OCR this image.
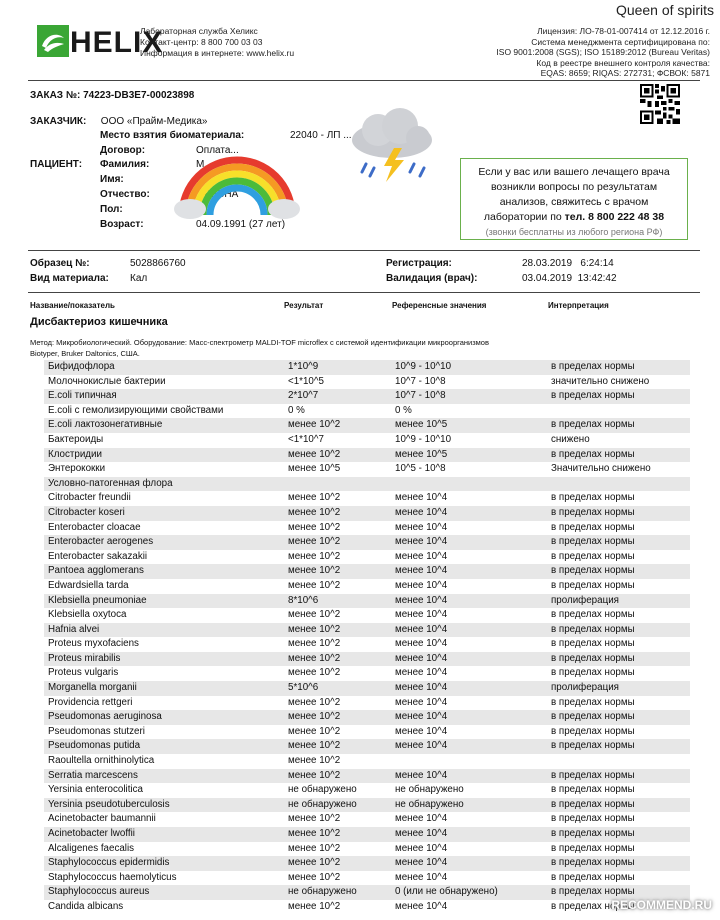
Queen of spirits
HELIX
Лабораторная служба Хеликс
Контакт-центр: 8 800 700 03 03
Информация в интернете: www.helix.ru
Лицензия: ЛО-78-01-007414 от 12.12.2016 г.
Система менеджмента сертифицирована по:
ISO 9001:2008 (SGS); ISO 15189:2012 (Bureau Veritas)
Код в реестре внешнего контроля качества:
EQAS: 8659; RIQAS: 272731; ФСВОК: 5871
ЗАКАЗ №: 74223-DB3E7-00023898
ЗАКАЗЧИК: ООО «Прайм-Медика»
ПАЦИЕНТ:
Место взятия биоматериала:	22040 - ЛП ...
Договор:	Оплата...
Фамилия:	М...
Имя:	...
Отчество:	...ЕЕВНА
Пол:
Возраст:	04.09.1991 (27 лет)
Если у вас или вашего лечащего врача
возникли вопросы по результатам
анализов, свяжитесь с врачом
лаборатории по тел. 8 800 222 48 38
(звонки бесплатны из любого региона РФ)
Образец №:	5028866760
Вид материала: Кал
Регистрация:	28.03.2019   6:24:14
Валидация (врач):	03.04.2019  13:42:42
Название/показатель	Результат	Референсные значения	Интерпретация
Дисбактериоз кишечника
Метод: Микробиологический. Оборудование: Масс-спектрометр MALDI-TOF microflex с системой идентификации микроорганизмов
Biotyper, Bruker Daltonics, США.
Бифидофлора	1*10^9	10^9 - 10^10	в пределах нормы
Молочнокислые бактерии	<1*10^5	10^7 - 10^8	значительно снижено
E.coli типичная	2*10^7	10^7 - 10^8	в пределах нормы
E.coli с гемолизирующими свойствами	0 %	0 %	
E.coli лактозонегативные	менее 10^2	менее 10^5	в пределах нормы
Бактероиды	<1*10^7	10^9 - 10^10	снижено
Клостридии	менее 10^2	менее 10^5	в пределах нормы
Энтерококки	менее 10^5	10^5 - 10^8	Значительно снижено
Условно-патогенная флора			
Citrobacter freundii	менее 10^2	менее 10^4	в пределах нормы
Citrobacter koseri	менее 10^2	менее 10^4	в пределах нормы
Enterobacter cloacae	менее 10^2	менее 10^4	в пределах нормы
Enterobacter aerogenes	менее 10^2	менее 10^4	в пределах нормы
Enterobacter sakazakii	менее 10^2	менее 10^4	в пределах нормы
Pantoea agglomerans	менее 10^2	менее 10^4	в пределах нормы
Edwardsiella tarda	менее 10^2	менее 10^4	в пределах нормы
Klebsiella pneumoniae	8*10^6	менее 10^4	пролиферация
Klebsiella oxytoca	менее 10^2	менее 10^4	в пределах нормы
Hafnia alvei	менее 10^2	менее 10^4	в пределах нормы
Proteus myxofaciens	менее 10^2	менее 10^4	в пределах нормы
Proteus mirabilis	менее 10^2	менее 10^4	в пределах нормы
Proteus vulgaris	менее 10^2	менее 10^4	в пределах нормы
Morganella morganii	5*10^6	менее 10^4	пролиферация
Providencia rettgeri	менее 10^2	менее 10^4	в пределах нормы
Pseudomonas aeruginosa	менее 10^2	менее 10^4	в пределах нормы
Pseudomonas stutzeri	менее 10^2	менее 10^4	в пределах нормы
Pseudomonas putida	менее 10^2	менее 10^4	в пределах нормы
Raoultella ornithinolytica	менее 10^2		
Serratia marcescens	менее 10^2	менее 10^4	в пределах нормы
Yersinia enterocolitica	не обнаружено	не обнаружено	в пределах нормы
Yersinia pseudotuberculosis	не обнаружено	не обнаружено	в пределах нормы
Acinetobacter baumannii	менее 10^2	менее 10^4	в пределах нормы
Acinetobacter lwoffii	менее 10^2	менее 10^4	в пределах нормы
Alcaligenes faecalis	менее 10^2	менее 10^4	в пределах нормы
Staphylococcus epidermidis	менее 10^2	менее 10^4	в пределах нормы
Staphylococcus haemolyticus	менее 10^2	менее 10^4	в пределах нормы
Staphylococcus aureus	не обнаружено	0 (или не обнаружено)	в пределах нормы
Candida albicans	менее 10^2	менее 10^4	в пределах нормы
RECOMMEND.RU
